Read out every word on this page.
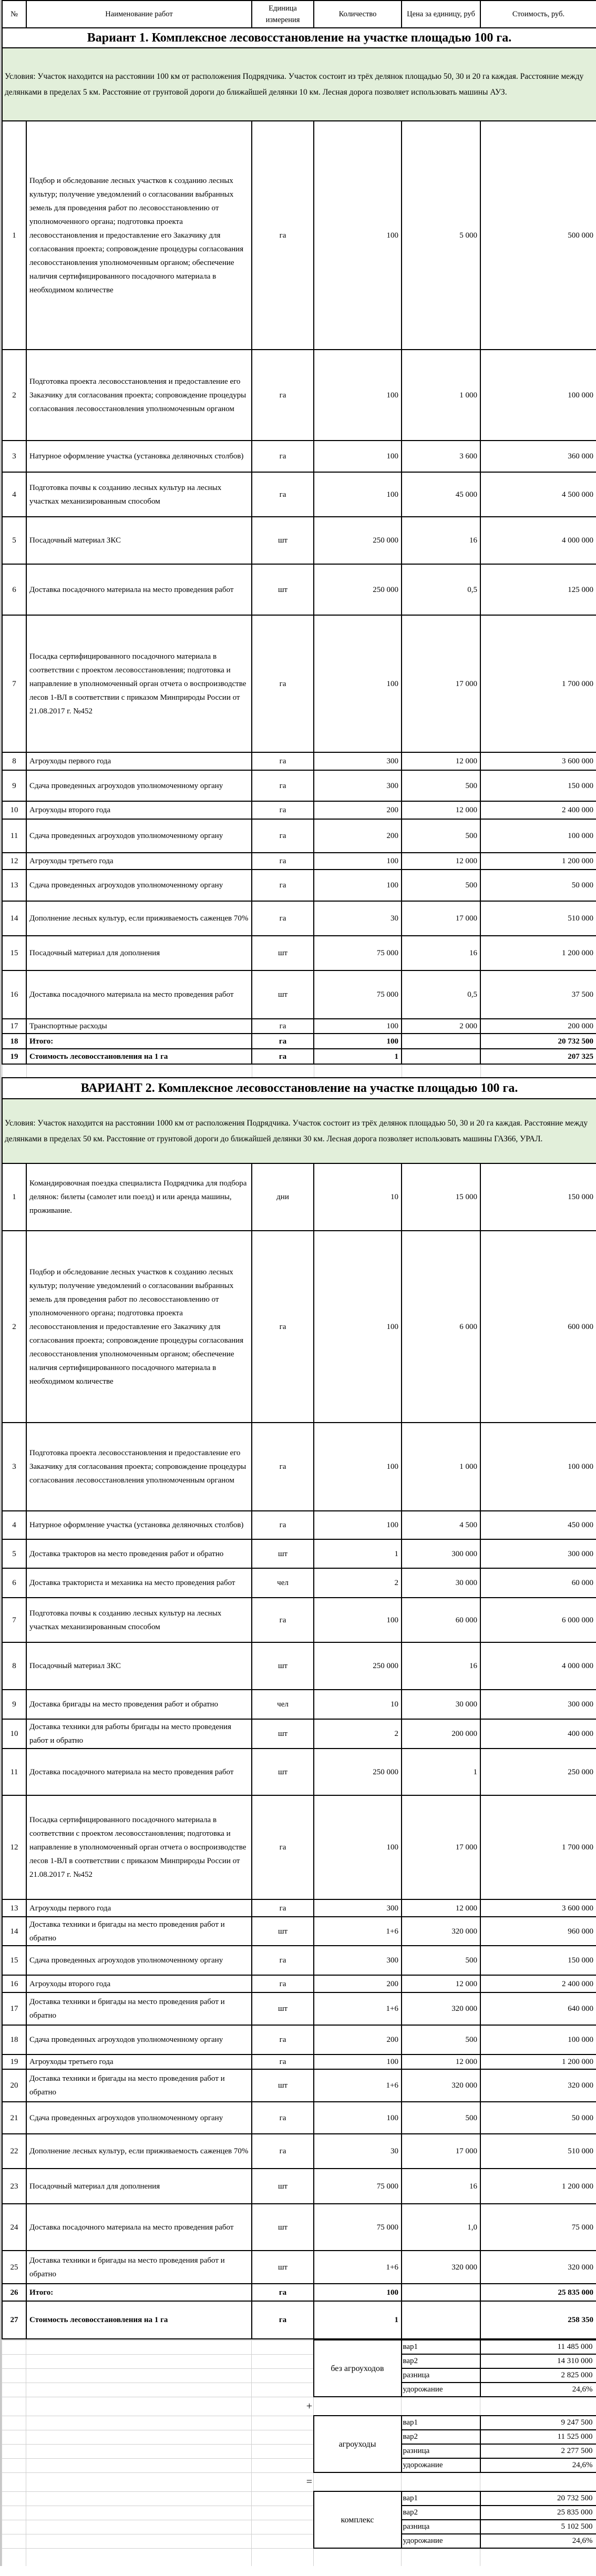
№	Наименование работ	Единица измерения	Количество	Цена за единицу, руб	Стоимость, руб.
Вариант 1. Комплексное лесовосстановление на участке площадью 100 га.					
Условия: Участок находится на расстоянии 100 км от расположения Подрядчика. Участок состоит из трёх делянок площадью 50, 30 и 20 га каждая. Расстояние между делянками в пределах 5 км. Расстояние от грунтовой дороги до ближайшей делянки 10 км. Лесная дорога позволяет использовать машины АУЗ.					
1	Подбор и обследование лесных участков к созданию лесных культур; получение уведомлений о согласовании выбранных земель для проведения работ по лесовосстановлению от уполномоченного органа; подготовка проекта лесовосстановления и предоставление его Заказчику для согласования проекта; сопровождение процедуры согласования лесовосстановления уполномоченным органом; обеспечение наличия сертифицированного посадочного материала в необходимом количестве	га	100	5 000	500 000
2	Подготовка проекта лесовосстановления и предоставление его Заказчику для согласования проекта; сопровождение процедуры согласования лесовосстановления уполномоченным органом	га	100	1 000	100 000
3	Натурное оформление участка (установка деляночных столбов)	га	100	3 600	360 000
4	Подготовка почвы к созданию лесных культур на лесных участках механизированным способом	га	100	45 000	4 500 000
5	Посадочный материал ЗКС	шт	250 000	16	4 000 000
6	Доставка посадочного материала на место проведения работ	шт	250 000	0,5	125 000
7	Посадка сертифицированного посадочного материала в соответствии с проектом лесовосстановления; подготовка и направление в уполномоченный орган отчета о воспроизводстве лесов 1-ВЛ в соответствии с приказом Минприроды России от 21.08.2017 г. №452	га	100	17 000	1 700 000
8	Агроуходы первого года	га	300	12 000	3 600 000
9	Сдача проведенных агроуходов уполномоченному органу	га	300	500	150 000
10	Агроуходы второго года	га	200	12 000	2 400 000
11	Сдача проведенных агроуходов уполномоченному органу	га	200	500	100 000
12	Агроуходы третьего года	га	100	12 000	1 200 000
13	Сдача проведенных агроуходов уполномоченному органу	га	100	500	50 000
14	Дополнение лесных культур, если приживаемость саженцев 70%	га	30	17 000	510 000
15	Посадочный материал для дополнения	шт	75 000	16	1 200 000
16	Доставка посадочного материала на место проведения работ	шт	75 000	0,5	37 500
17	Транспортные расходы	га	100	2 000	200 000
18	Итого:	га	100		20 732 500
19	Стоимость лесовосстановления на 1 га	га	1		207 325

ВАРИАНТ 2. Комплексное лесовосстановление на участке площадью 100 га.					
Условия: Участок находится на расстоянии 1000 км от расположения Подрядчика. Участок состоит из трёх делянок площадью 50, 30 и 20 га каждая. Расстояние между делянками в пределах 50 км. Расстояние от грунтовой дороги до ближайшей делянки 30 км. Лесная дорога позволяет использовать машины ГАЗ66, УРАЛ.					
1	Командировочная поездка специалиста Подрядчика для подбора делянок: билеты (самолет или поезд) и или аренда машины, проживание.	дни	10	15 000	150 000
2	Подбор и обследование лесных участков к созданию лесных культур; получение уведомлений о согласовании выбранных земель для проведения работ по лесовосстановлению от уполномоченного органа; подготовка проекта лесовосстановления и предоставление его Заказчику для согласования проекта; сопровождение процедуры согласования лесовосстановления уполномоченным органом; обеспечение наличия сертифицированного посадочного материала в необходимом количестве	га	100	6 000	600 000
3	Подготовка проекта лесовосстановления и предоставление его Заказчику для согласования проекта; сопровождение процедуры согласования лесовосстановления уполномоченным органом	га	100	1 000	100 000
4	Натурное оформление участка (установка деляночных столбов)	га	100	4 500	450 000
5	Доставка тракторов на место проведения работ и обратно	шт	1	300 000	300 000
6	Доставка тракториста и механика на место проведения работ	чел	2	30 000	60 000
7	Подготовка почвы к созданию лесных культур на лесных участках механизированным способом	га	100	60 000	6 000 000
8	Посадочный материал ЗКС	шт	250 000	16	4 000 000
9	Доставка бригады на место проведения работ и обратно	чел	10	30 000	300 000
10	Доставка техники для работы бригады на место проведения работ и обратно	шт	2	200 000	400 000
11	Доставка посадочного материала на место проведения работ	шт	250 000	1	250 000
12	Посадка сертифицированного посадочного материала в соответствии с проектом лесовосстановления; подготовка и направление в уполномоченный орган отчета о воспроизводстве лесов 1-ВЛ в соответствии с приказом Минприроды России от 21.08.2017 г. №452	га	100	17 000	1 700 000
13	Агроуходы первого года	га	300	12 000	3 600 000
14	Доставка техники и бригады на место проведения работ и обратно	шт	1+6	320 000	960 000
15	Сдача проведенных агроуходов уполномоченному органу	га	300	500	150 000
16	Агроуходы второго года	га	200	12 000	2 400 000
17	Доставка техники и бригады на место проведения работ и обратно	шт	1+6	320 000	640 000
18	Сдача проведенных агроуходов уполномоченному органу	га	200	500	100 000
19	Агроуходы третьего года	га	100	12 000	1 200 000
20	Доставка техники и бригады на место проведения работ и обратно	шт	1+6	320 000	320 000
21	Сдача проведенных агроуходов уполномоченному органу	га	100	500	50 000
22	Дополнение лесных культур, если приживаемость саженцев 70%	га	30	17 000	510 000
23	Посадочный материал для дополнения	шт	75 000	16	1 200 000
24	Доставка посадочного материала на место проведения работ	шт	75 000	1,0	75 000
25	Доставка техники и бригады на место проведения работ и обратно	шт	1+6	320 000	320 000
26	Итого:	га	100		25 835 000
27	Стоимость лесовосстановления на 1 га	га	1		258 350
			без агроуходов	вар1	11 485 000
				вар2	14 310 000
				разница	2 825 000
				удорожание	24,6%
		+			
			агроуходы	вар1	9 247 500
				вар2	11 525 000
				разница	2 277 500
				удорожание	24,6%
		=			
			комплекс	вар1	20 732 500
				вар2	25 835 000
				разница	5 102 500
				удорожание	24,6%
